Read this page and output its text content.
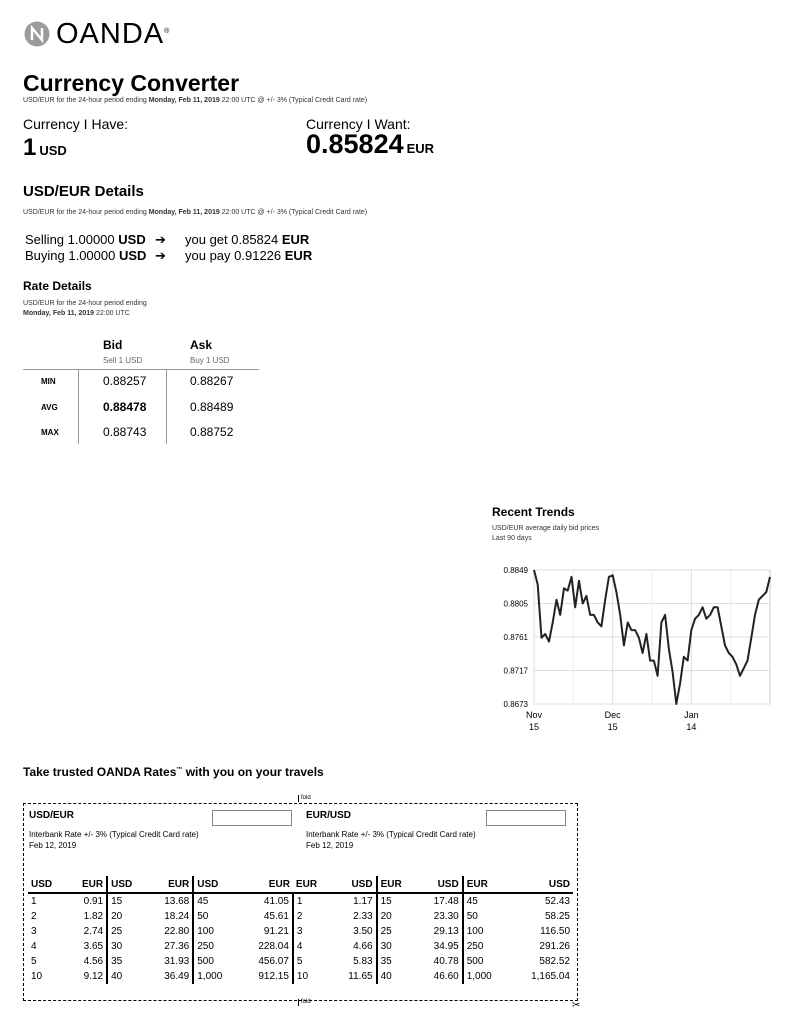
OANDA®
Currency Converter
USD/EUR for the 24-hour period ending Monday, Feb 11, 2019 22:00 UTC @ +/- 3% (Typical Credit Card rate)
Currency I Have:	Currency I Want:
1 USD	0.85824 EUR
USD/EUR Details
USD/EUR for the 24-hour period ending Monday, Feb 11, 2019 22:00 UTC @ +/- 3% (Typical Credit Card rate)
Selling 1.00000 USD ➔ you get 0.85824 EUR
Buying 1.00000 USD ➔ you pay 0.91226 EUR
Rate Details
USD/EUR for the 24-hour period ending
Monday, Feb 11, 2019 22:00 UTC
Bid
Sell 1 USD
Ask
Buy 1 USD
MIN	0.88257	0.88267
AVG	0.88478	0.88489
MAX	0.88743	0.88752
Recent Trends
USD/EUR average daily bid prices
Last 90 days
0.8849
0.8805
0.8761
0.8717
0.8673
Nov
15
Dec
15
Jan
14
Take trusted OANDA Rates™ with you on your travels
fold
fold	✂
USD/EUR
Interbank Rate +/- 3% (Typical Credit Card rate)
Feb 12, 2019
EUR/USD
Interbank Rate +/- 3% (Typical Credit Card rate)
Feb 12, 2019
USD	EUR	USD	EUR	USD	EUR	EUR	USD	EUR	USD	EUR	USD
1	0.91	15	13.68	45	41.05	1	1.17	15	17.48	45	52.43
2	1.82	20	18.24	50	45.61	2	2.33	20	23.30	50	58.25
3	2.74	25	22.80	100	91.21	3	3.50	25	29.13	100	116.50
4	3.65	30	27.36	250	228.04	4	4.66	30	34.95	250	291.26
5	4.56	35	31.93	500	456.07	5	5.83	35	40.78	500	582.52
10	9.12	40	36.49	1,000	912.15	10	11.65	40	46.60	1,000	1,165.04
